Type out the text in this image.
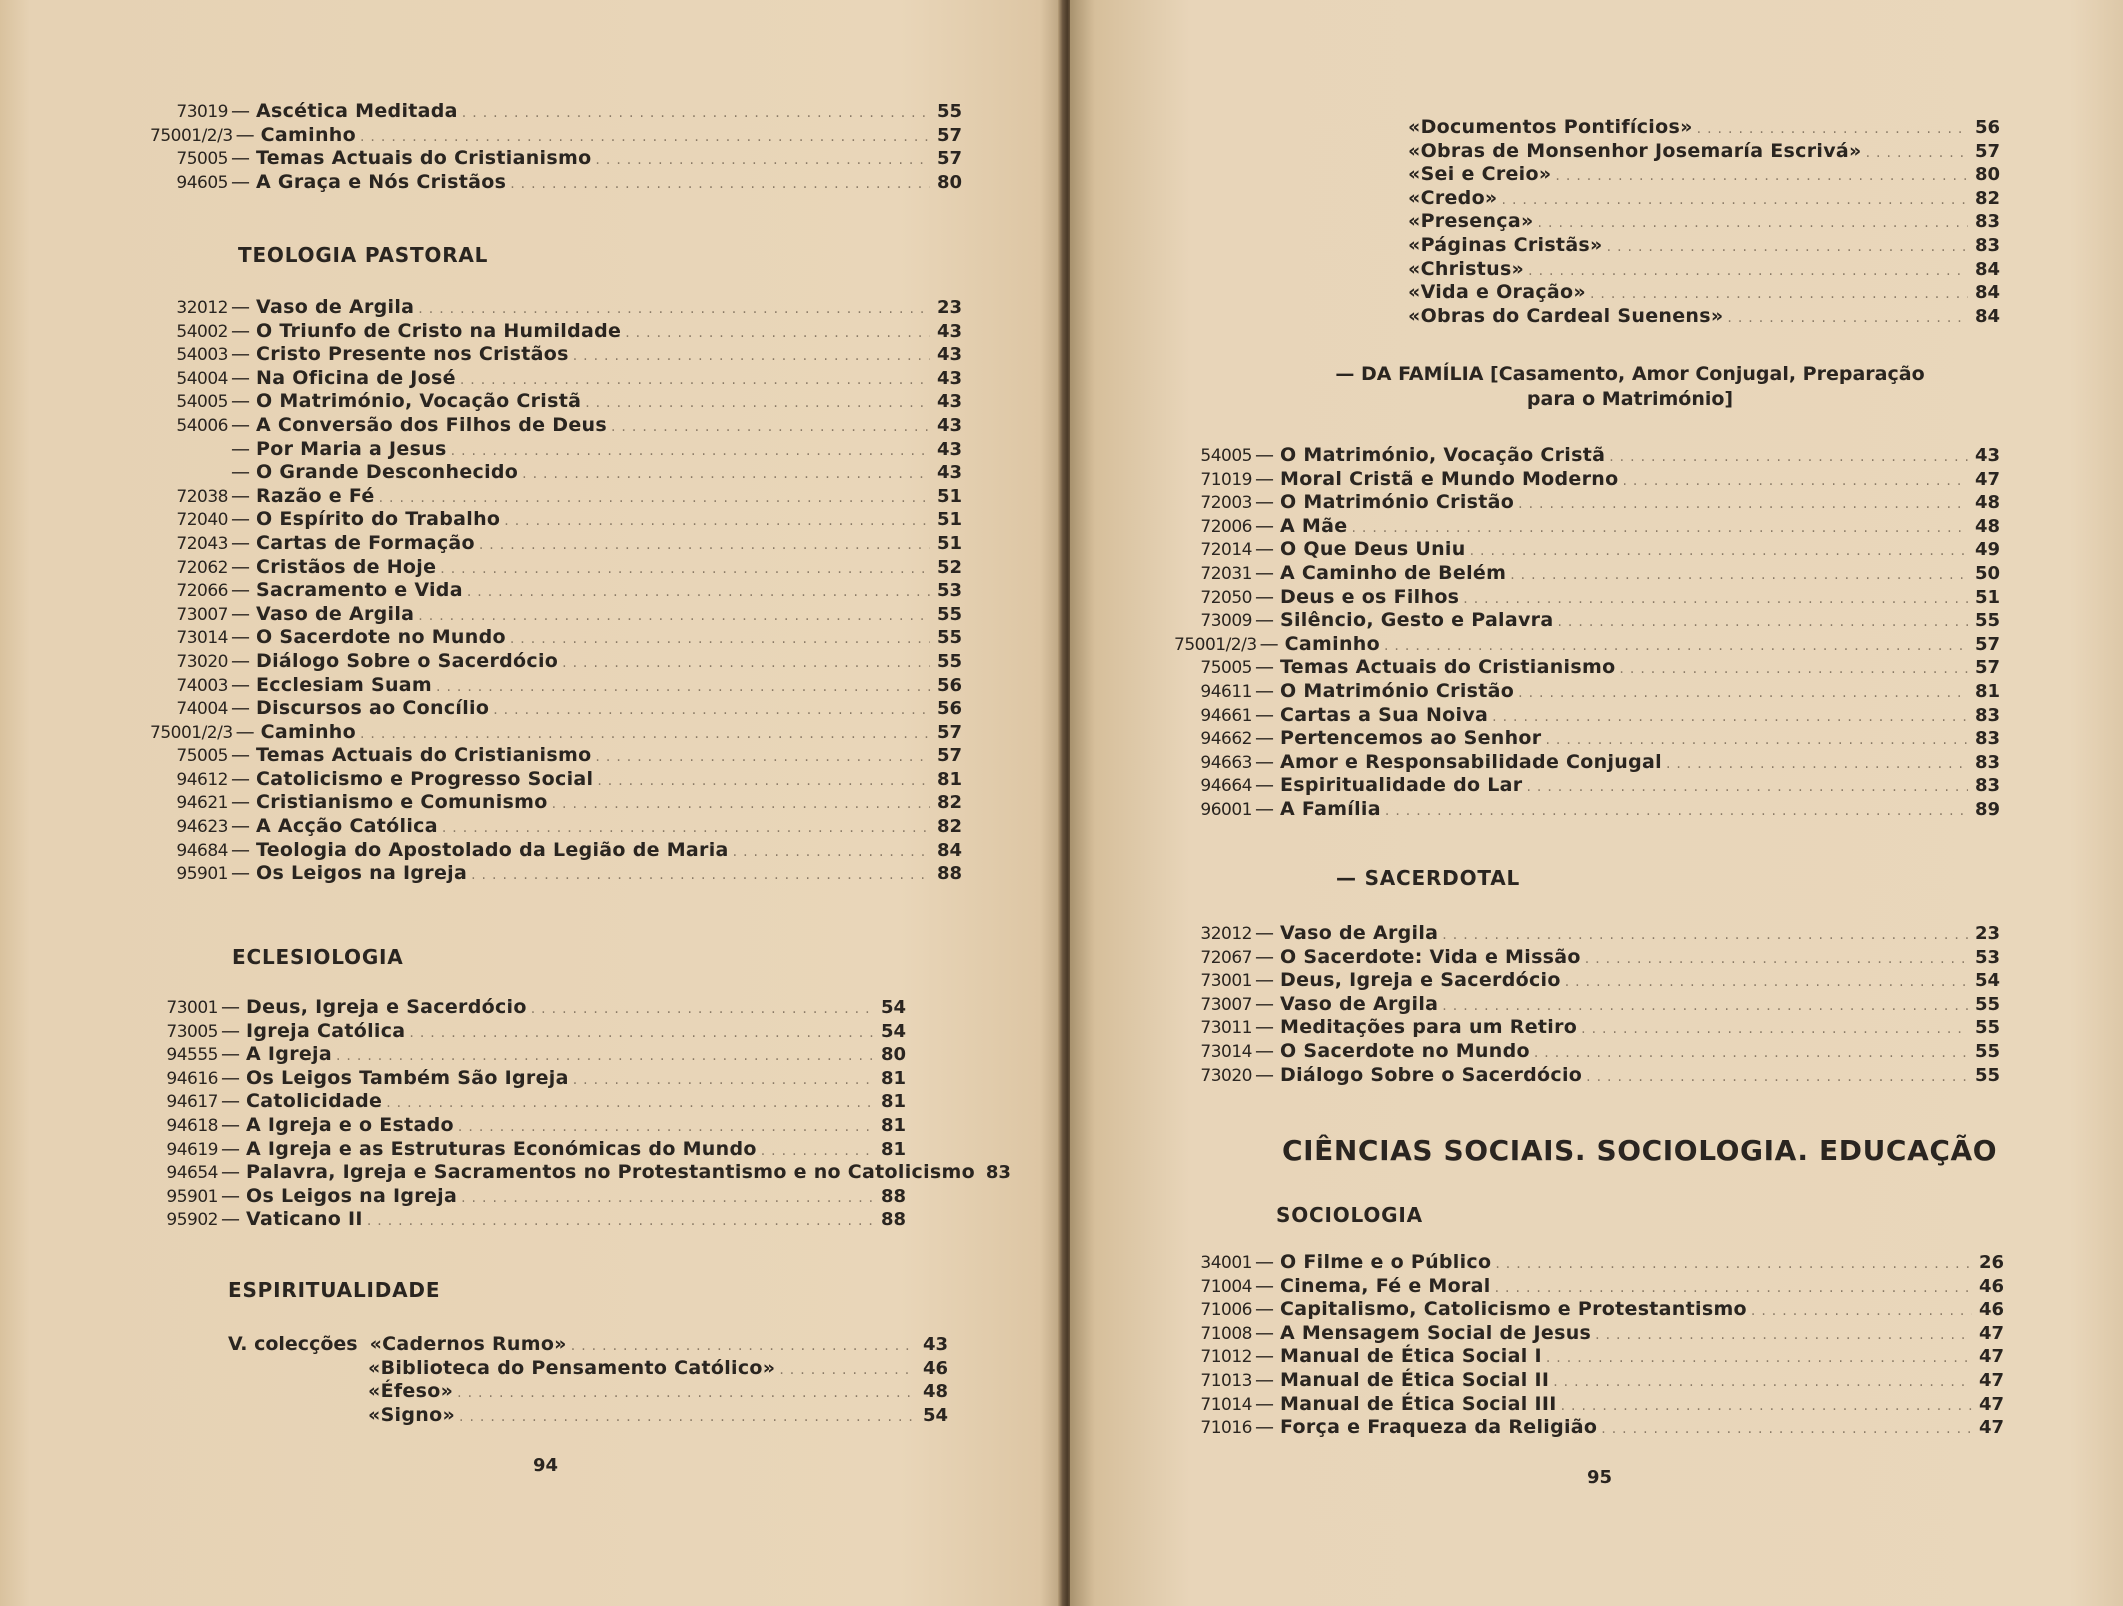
73019 — Ascética Meditada .....	55
75001/2/3 — Caminho .....	57
75005 — Temas Actuais do Cristianismo .....	57
94605 — A Graça e Nós Cristãos .....	80
TEOLOGIA PASTORAL
32012 — Vaso de Argila .....	23
54002 — O Triunfo de Cristo na Humildade .....	43
54003 — Cristo Presente nos Cristãos .....	43
54004 — Na Oficina de José .....	43
54005 — O Matrimónio, Vocação Cristã .....	43
54006 — A Conversão dos Filhos de Deus .....	43
— Por Maria a Jesus .....	43
— O Grande Desconhecido .....	43
72038 — Razão e Fé .....	51
72040 — O Espírito do Trabalho .....	51
72043 — Cartas de Formação .....	51
72062 — Cristãos de Hoje .....	52
72066 — Sacramento e Vida .....	53
73007 — Vaso de Argila .....	55
73014 — O Sacerdote no Mundo .....	55
73020 — Diálogo Sobre o Sacerdócio .....	55
74003 — Ecclesiam Suam .....	56
74004 — Discursos ao Concílio .....	56
75001/2/3 — Caminho .....	57
75005 — Temas Actuais do Cristianismo .....	57
94612 — Catolicismo e Progresso Social .....	81
94621 — Cristianismo e Comunismo .....	82
94623 — A Acção Católica .....	82
94684 — Teologia do Apostolado da Legião de Maria .....	84
95901 — Os Leigos na Igreja .....	88
ECLESIOLOGIA
73001 — Deus, Igreja e Sacerdócio .....	54
73005 — Igreja Católica .....	54
94555 — A Igreja .....	80
94616 — Os Leigos Também São Igreja .....	81
94617 — Catolicidade .....	81
94618 — A Igreja e o Estado .....	81
94619 — A Igreja e as Estruturas Económicas do Mundo .....	81
94654 — Palavra, Igreja e Sacramentos no Protestantismo e no Catolicismo 83
95901 — Os Leigos na Igreja .....	88
95902 — Vaticano II .....	88
ESPIRITUALIDADE
V. colecções «Cadernos Rumo» .....	43
«Biblioteca do Pensamento Católico» .....	46
«Éfeso» .....	48
«Signo» .....	54
94
«Documentos Pontifícios» .....	56
«Obras de Monsenhor Josemaría Escrivá» .....	57
«Sei e Creio» .....	80
«Credo» .....	82
«Presença» .....	83
«Páginas Cristãs» .....	83
«Christus» .....	84
«Vida e Oração» .....	84
«Obras do Cardeal Suenens» .....	84
— DA FAMÍLIA [Casamento, Amor Conjugal, Preparação
para o Matrimónio]
54005 — O Matrimónio, Vocação Cristã .....	43
71019 — Moral Cristã e Mundo Moderno .....	47
72003 — O Matrimónio Cristão .....	48
72006 — A Mãe .....	48
72014 — O Que Deus Uniu .....	49
72031 — A Caminho de Belém .....	50
72050 — Deus e os Filhos .....	51
73009 — Silêncio, Gesto e Palavra .....	55
75001/2/3 — Caminho .....	57
75005 — Temas Actuais do Cristianismo .....	57
94611 — O Matrimónio Cristão .....	81
94661 — Cartas a Sua Noiva .....	83
94662 — Pertencemos ao Senhor .....	83
94663 — Amor e Responsabilidade Conjugal .....	83
94664 — Espiritualidade do Lar .....	83
96001 — A Família .....	89
— SACERDOTAL
32012 — Vaso de Argila .....	23
72067 — O Sacerdote: Vida e Missão .....	53
73001 — Deus, Igreja e Sacerdócio .....	54
73007 — Vaso de Argila .....	55
73011 — Meditações para um Retiro .....	55
73014 — O Sacerdote no Mundo .....	55
73020 — Diálogo Sobre o Sacerdócio .....	55
CIÊNCIAS SOCIAIS. SOCIOLOGIA. EDUCAÇÃO
SOCIOLOGIA
34001 — O Filme e o Público .....	26
71004 — Cinema, Fé e Moral .....	46
71006 — Capitalismo, Catolicismo e Protestantismo .....	46
71008 — A Mensagem Social de Jesus .....	47
71012 — Manual de Ética Social I .....	47
71013 — Manual de Ética Social II .....	47
71014 — Manual de Ética Social III .....	47
71016 — Força e Fraqueza da Religião .....	47
95
